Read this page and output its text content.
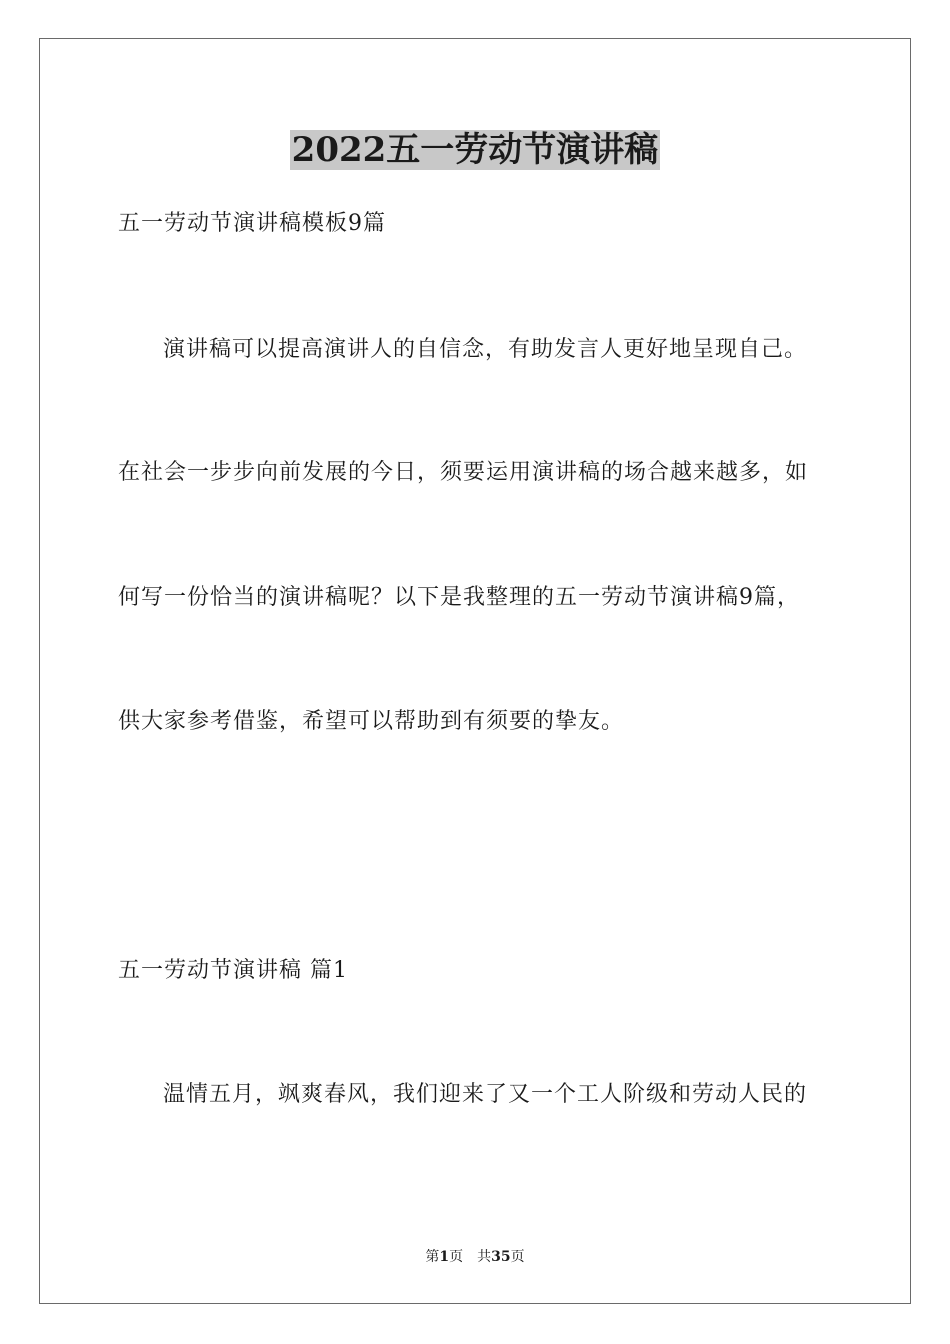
2022五一劳动节演讲稿
五一劳动节演讲稿模板9篇
演讲稿可以提高演讲人的自信念，有助发言人更好地呈现自己。
在社会一步步向前发展的今日，须要运用演讲稿的场合越来越多，如
何写一份恰当的演讲稿呢？以下是我整理的五一劳动节演讲稿9篇，
供大家参考借鉴，希望可以帮助到有须要的挚友。
五一劳动节演讲稿 篇1
温情五月，飒爽春风，我们迎来了又一个工人阶级和劳动人民的
第1页　共35页
